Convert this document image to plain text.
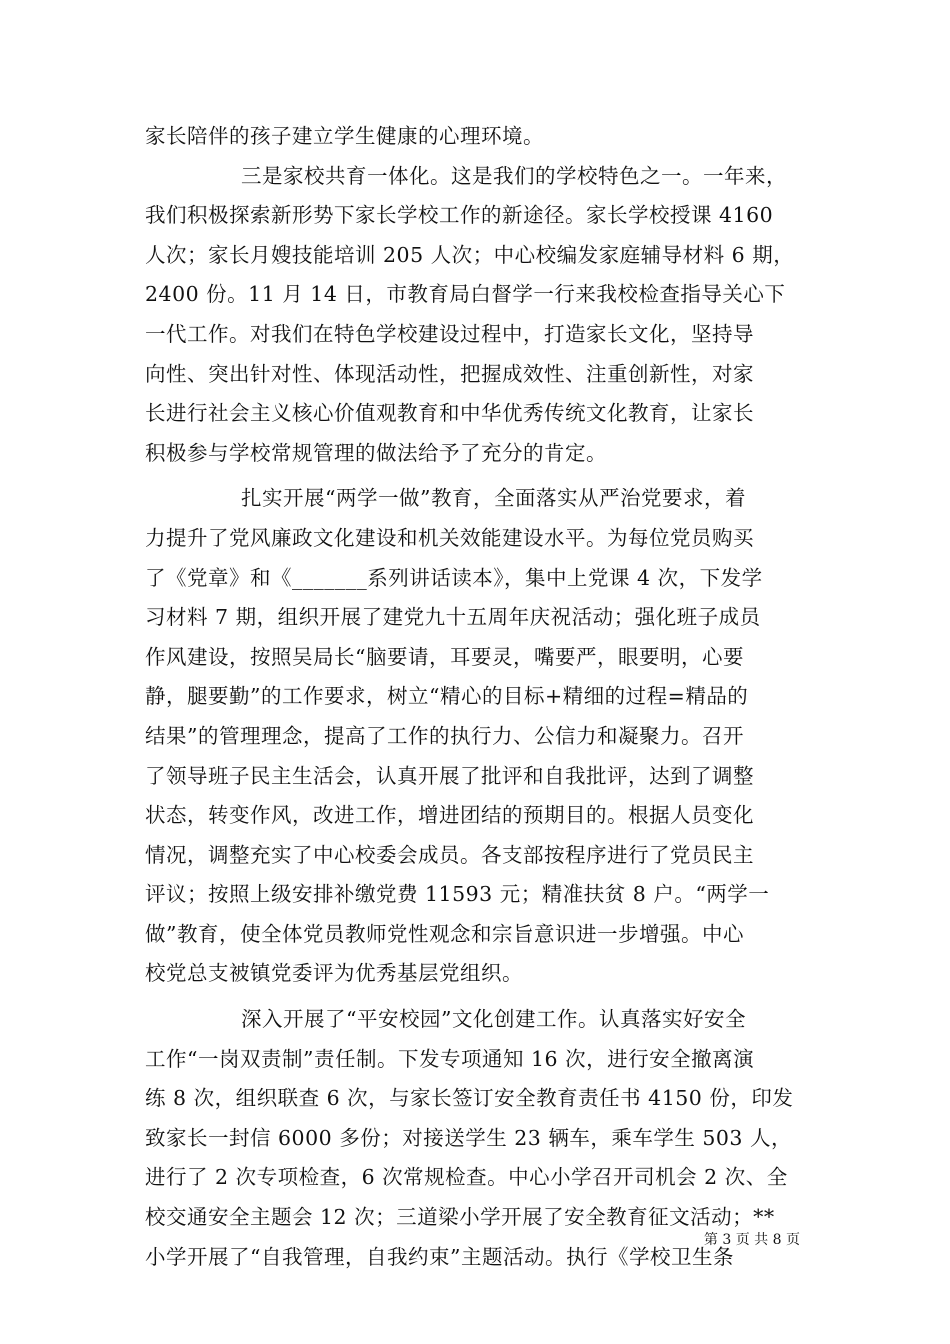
家长陪伴的孩子建立学生健康的心理环境。
三是家校共育一体化。这是我们的学校特色之一。一年来，
我们积极探索新形势下家长学校工作的新途径。家长学校授课 4160
人次；家长月嫂技能培训 205 人次；中心校编发家庭辅导材料 6 期，
2400 份。11 月 14 日，市教育局白督学一行来我校检查指导关心下
一代工作。对我们在特色学校建设过程中，打造家长文化，坚持导
向性、突出针对性、体现活动性，把握成效性、注重创新性，对家
长进行社会主义核心价值观教育和中华优秀传统文化教育，让家长
积极参与学校常规管理的做法给予了充分的肯定。
扎实开展“两学一做”教育，全面落实从严治党要求，着
力提升了党风廉政文化建设和机关效能建设水平。为每位党员购买
了《党章》和《_______系列讲话读本》，集中上党课 4 次，下发学
习材料 7 期，组织开展了建党九十五周年庆祝活动；强化班子成员
作风建设，按照吴局长“脑要请，耳要灵，嘴要严，眼要明，心要
静，腿要勤”的工作要求，树立“精心的目标+精细的过程=精品的
结果”的管理理念，提高了工作的执行力、公信力和凝聚力。召开
了领导班子民主生活会，认真开展了批评和自我批评，达到了调整
状态，转变作风，改进工作，增进团结的预期目的。根据人员变化
情况，调整充实了中心校委会成员。各支部按程序进行了党员民主
评议；按照上级安排补缴党费 11593 元；精准扶贫 8 户。“两学一
做”教育，使全体党员教师党性观念和宗旨意识进一步增强。中心
校党总支被镇党委评为优秀基层党组织。
深入开展了“平安校园”文化创建工作。认真落实好安全
工作“一岗双责制”责任制。下发专项通知 16 次，进行安全撤离演
练 8 次，组织联查 6 次，与家长签订安全教育责任书 4150 份，印发
致家长一封信 6000 多份；对接送学生 23 辆车，乘车学生 503 人，
进行了 2 次专项检查，6 次常规检查。中心小学召开司机会 2 次、全
校交通安全主题会 12 次；三道梁小学开展了安全教育征文活动；**
小学开展了“自我管理，自我约束”主题活动。执行《学校卫生条
第 3 页 共 8 页
